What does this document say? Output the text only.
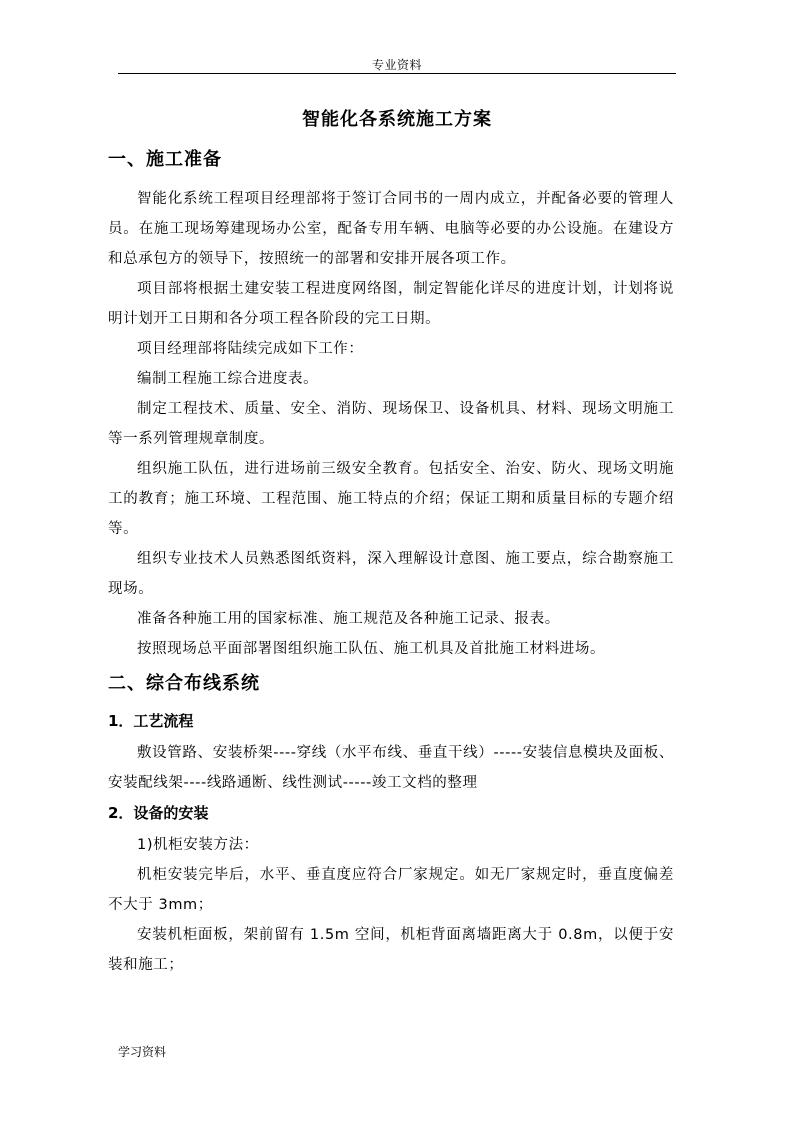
专业资料
智能化各系统施工方案
一、施工准备

智能化系统工程项目经理部将于签订合同书的一周内成立，并配备必要的管理人员。在施工现场筹建现场办公室，配备专用车辆、电脑等必要的办公设施。在建设方和总承包方的领导下，按照统一的部署和安排开展各项工作。

项目部将根据土建安装工程进度网络图，制定智能化详尽的进度计划，计划将说明计划开工日期和各分项工程各阶段的完工日期。

项目经理部将陆续完成如下工作：

编制工程施工综合进度表。

制定工程技术、质量、安全、消防、现场保卫、设备机具、材料、现场文明施工等一系列管理规章制度。

组织施工队伍，进行进场前三级安全教育。包括安全、治安、防火、现场文明施工的教育；施工环境、工程范围、施工特点的介绍；保证工期和质量目标的专题介绍等。

组织专业技术人员熟悉图纸资料，深入理解设计意图、施工要点，综合勘察施工现场。

准备各种施工用的国家标准、施工规范及各种施工记录、报表。

按照现场总平面部署图组织施工队伍、施工机具及首批施工材料进场。

二、综合布线系统
1．工艺流程

敷设管路、安装桥架----穿线（水平布线、垂直干线）-----安装信息模块及面板、安装配线架----线路通断、线性测试-----竣工文档的整理

2．设备的安装

1)机柜安装方法：

机柜安装完毕后，水平、垂直度应符合厂家规定。如无厂家规定时，垂直度偏差不大于 3mm；

安装机柜面板，架前留有 1.5m 空间，机柜背面离墙距离大于 0.8m，以便于安装和施工；

学习资料
